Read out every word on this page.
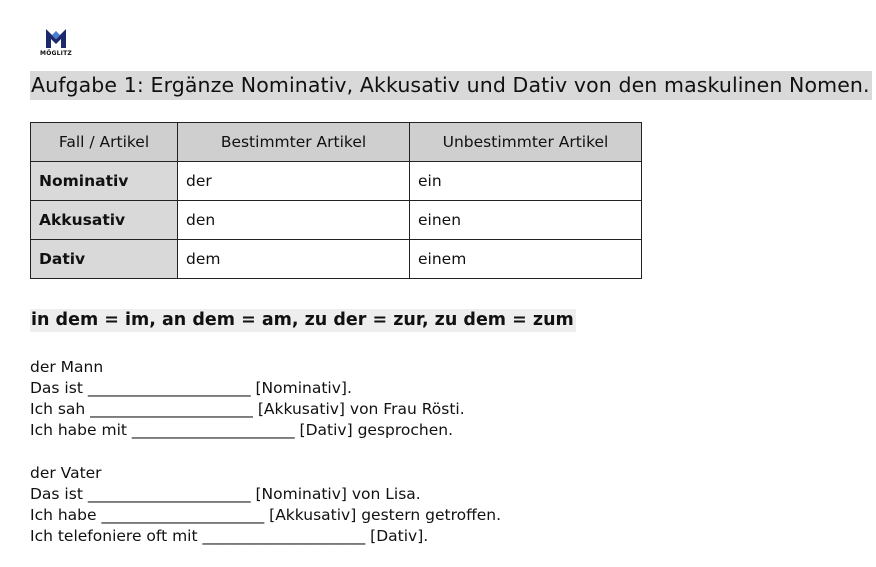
MÖGLITZ
Aufgabe 1: Ergänze Nominativ, Akkusativ und Dativ von den maskulinen Nomen.
Fall / Artikel	Bestimmter Artikel	Unbestimmter Artikel
Nominativ	der	ein
Akkusativ	den	einen
Dativ	dem	einem
in dem = im, an dem = am, zu der = zur, zu dem = zum

der Mann

Das ist _____________________ [Nominativ].

Ich sah _____________________ [Akkusativ] von Frau Rösti.

Ich habe mit _____________________ [Dativ] gesprochen.

der Vater

Das ist _____________________ [Nominativ] von Lisa.

Ich habe _____________________ [Akkusativ] gestern getroffen.

Ich telefoniere oft mit _____________________ [Dativ].
